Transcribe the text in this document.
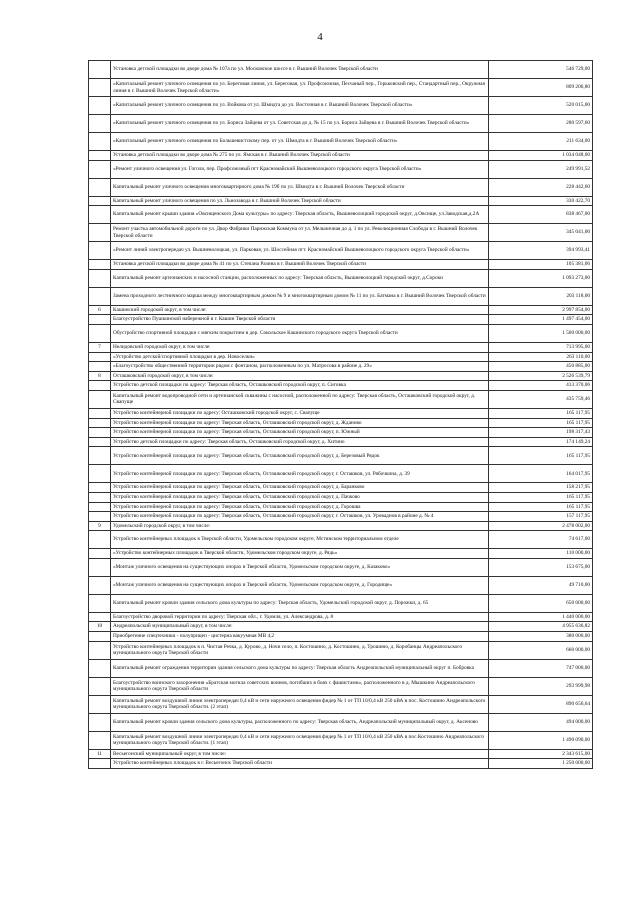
4
	Установка детской площадки во дворе дома № 107а по ул. Московское шоссе в г. Вышний Волочек Тверской области	546 729,00
	«Капитальный ремонт уличного освещения по ул. Береговая линия, ул. Береговая, ул. Профсоюзная, Песчаный пер., Горьковский пер., Стандартный пер., Окружная линия в г. Вышний Волочек Тверской области»	809 206,80
	«Капитальный ремонт уличного освещения по ул. Войкова от ул. Шмидта до ул. Восточная в г. Вышний Волочек Тверской области»	520 015,00
	«Капитальный ремонт уличного освещения по ул. Бориса Зайцева от ул. Советская до д. № 15 по ул. Бориса Зайцева в г. Вышний Волочек Тверской области»	280 597,60
	«Капитальный ремонт уличного освещения по Большевистскому пер. от ул. Шмидта в г. Вышний Волочек Тверской области»	211 634,00
	Установка детской площадки во дворе дома № 275 по ул. Ямская в г. Вышний Волочек Тверской области	1 034 048,00
	«Ремонт уличного освещения ул. Гоголя, пер. Профсоюзный пгт Красномайский Вышневолоцкого городского округа Тверской области»	249 991,52
	Капитальный ремонт уличного освещения многоквартирного дома № 19б по ул. Шмидта в г. Вышний Волочек Тверской области	228 442,60
	Капитальный ремонт уличного освещения по ул. Льнозавода в г. Вышний Волочек Тверской области	330 422,70
	Капитальный ремонт крыши здания «Овсищенского Дома культуры» по адресу: Тверская область, Вышневолоцкий городской округ, д.Овсище, ул.Заводская,д.2А	838 467,00
	Ремонт участка автомобильной дороги по ул. Двор Фабрики Парижская Коммуна от ул. Мельничная до д. 1 по ул. Революционная Слобода в г. Вышний Волочек Тверской области	345 041,00
	«Ремонт линий электропередач ул. Вышневолоцкая, ул. Парковая, ул. Шоссейная пгт. Красномайский Вышневолоцкого городского округа Тверской области»	394 993,41
	Установка детской площадки во дворе дома № 41 по ул. Степана Разина в г. Вышний Волочек Тверской области	105 381,06
	Капитальный ремонт артезианских и насосной станции, расположенных по адресу: Тверская область, Вышневолоцкий городской округ, д.Сороки	1 093 273,00
	Замена проходного лестничного марша между многоквартирным домом № 9 и многоквартирным домом № 11 по ул. Батмана в г. Вышний Волочек Тверской области	203 118,00
6	Кашинский городской округ, в том числе:	2 997 854,00
	Благоустройство Пушкинской набережной в г. Кашин Тверской области	1 497 454,00
	Обустройство спортивной площадки с мягким покрытием в дер. Сокольское Кашинского городского округа Тверской области	1 500 000,00
7	Нелидовский городской округ, в том числе:	713 995,00
	«Устройство детской/спортивной площадки в дер. Новоселки»	263 110,00
	«Благоустройство общественной территории рядом с фонтаном, расположенным по ул. Матросова в районе д. 29»	450 885,00
8	Осташковский городской округ, в том числе:	2 526 539,79
	Устройство детской площадки по адресу: Тверская область, Осташковский городской округ, п. Сиговка	413 370,06
	Капитальный ремонт водопроводной сети и артезианской скважины с насосной, расположенной по адресу: Тверская область, Осташковский городской округ, д. Свапуще	435 759,46
	Устройство контейнерной площадки по адресу: Осташковский городской округ, с. Свапуще	165 117,95
	Устройство контейнерной площадки по адресу: Тверская область, Осташковский городской округ, д. Жданово	165 117,95
	Устройство контейнерной площадки по адресу: Тверская область, Осташковский городской округ, п. Южный	198 317,43
	Устройство детской площадки по адресу: Тверская область, Осташковский городской округ, д. Хитино	174 149,24
	Устройство контейнерной площадки по адресу: Тверская область, Осташковский городской округ, д. Березовый Рядок	165 117,95
	Устройство контейнерной площадки по адресу: Тверская область, Осташковский городской округ, г. Осташков, ул. Рябочкина, д. 39	164 017,95
	Устройство контейнерной площадки по адресу: Тверская область, Осташковский городской округ, д. Баранково	158 217,95
	Устройство контейнерной площадки по адресу: Тверская область, Осташковский городской округ, д. Пачково	165 117,95
	Устройство контейнерной площадки по адресу: Тверская область, Осташковский городской округ, д. Горошва	165 117,95
	Устройство контейнерной площадки по адресу: Тверская область, Осташковский городской округ, г. Осташков, ул. Уроваднов в районе д. № 4	157 117,95
9	Удомельский городской округ, в том числе:	2 478 002,00
	Устройство контейнерных площадок в Тверской области, Удомельском городском округе, Мстинском территориальном отделе	74 617,00
	«Устройство контейнерных площадок в Тверской области, Удомельском городском округе, д. Рядь»	110 000,00
	«Монтаж уличного освещения на существующих опорах в Тверской области, Удомельском городском округе, д. Казаково»	153 675,00
	«Монтаж уличного освещения на существующих опорах в Тверской области, Удомельском городском округе, д. Городище»	49 710,00
	Капитальный ремонт кровли здания сельского дома культуры по адресу: Тверская область, Удомельский городской округ, д. Порожки, д. 65	650 000,00
	Благоустройство дворовой территории по адресу: Тверская обл., г. Удомля, ул. Александрова, д. 8	1 440 000,00
10	Андреапольский муниципальный округ, в том числе:	4 955 636,82
	Приобретение спецтехники - полуприцеп - цистерна вакуумная МВ 4,2	380 000,00
	Устройство контейнерных площадок в п. Чистая Речка, д. Курово, д. Ночи село, п. Костошино, д. Костошино, д. Трошино, д. Коробанцы Андреапольского муниципального округа Тверской области	660 000,00
	Капитальный ремонт ограждения территории здания сельского дома культуры по адресу: Тверская область Андреапольский муниципальный округ п. Бобровка	747 000,00
	Благоустройство воинского захоронения «Братская могила советских воинов, погибших в боях с фашистами», расположенного в д. Мышкино Андреапольского муниципального округа Тверской области	293 999,98
	Капитальный ремонт воздушной линии электропередач 0,4 кВ и сети наружного освещения фидер № 1 от ТП 10/0,4 кВ 250 кВА в пос. Костошино Андреапольского муниципального округа Тверской области. (2 этап)	890 656,64
	Капитальный ремонт кровли здания сельского дома культуры, расположенного по адресу: Тверская область, Андреапольский муниципальный округ, д. Аксеново	494 000,00
	Капитальный ремонт воздушной линии электропередач 0,4 кВ и сети наружного освещения фидер № 1 от ТП 10/0,4 кВ 250 кВА в пос.Костошино Андреапольского муниципального округа Тверской области. (1 этап)	1 490 090,00
11	Весьегонский муниципальный округ, в том числе:	2 343 615,00
	Устройство контейнерных площадок в г. Весьегонск Тверской области	1 250 000,00
